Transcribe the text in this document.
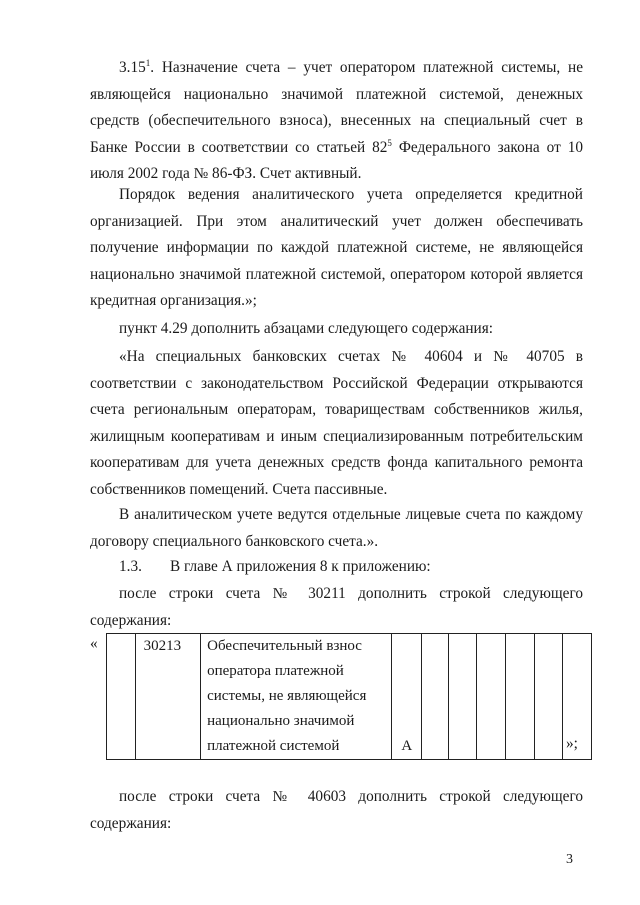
3.15$^1$. Назначение счета – учет оператором платежной системы, не являющейся национально значимой платежной системой, денежных средств (обеспечительного взноса), внесенных на специальный счет в Банке России в соответствии со статьей $82^5$ Федерального закона от 10 июля 2002 года № 86-ФЗ. Счет активный.

Порядок ведения аналитического учета определяется кредитной организацией. При этом аналитический учет должен обеспечивать получение информации по каждой платежной системе, не являющейся национально значимой платежной системой, оператором которой является кредитная организация.»;

пункт 4.29 дополнить абзацами следующего содержания:

«На специальных банковских счетах № 40604 и № 40705 в соответствии с законодательством Российской Федерации открываются счета региональным операторам, товариществам собственников жилья, жилищным кооперативам и иным специализированным потребительским кооперативам для учета денежных средств фонда капитального ремонта собственников помещений. Счета пассивные.

В аналитическом учете ведутся отдельные лицевые счета по каждому договору специального банковского счета.».

1.3. В главе А приложения 8 к приложению:

после строки счета № 30211 дополнить строкой следующего содержания:

«
		30213	Обеспечительный взнос оператора платежной системы, не являющейся национально значимой платежной системой	А							»;

после строки счета № 40603 дополнить строкой следующего содержания:

3
